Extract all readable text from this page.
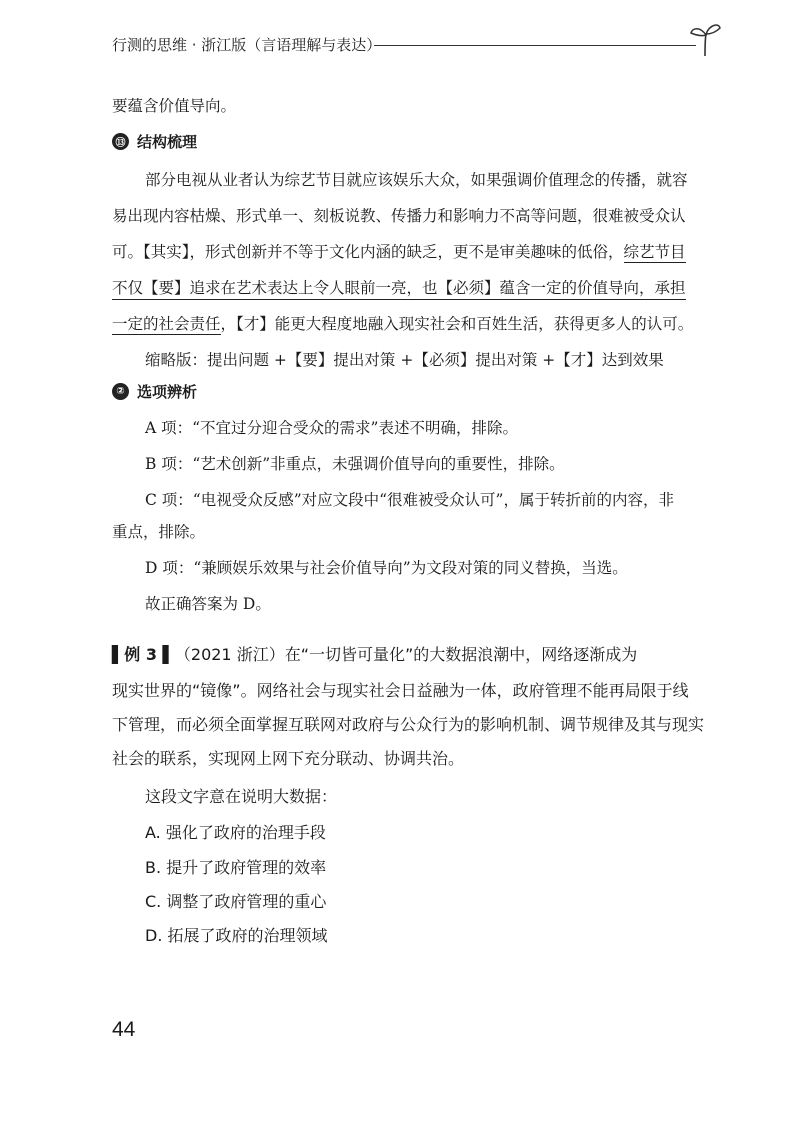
行测的思维 · 浙江版（言语理解与表达）
要蕴含价值导向。
⑬ 结构梳理
部分电视从业者认为综艺节目就应该娱乐大众，如果强调价值理念的传播，就容
易出现内容枯燥、形式单一、刻板说教、传播力和影响力不高等问题，很难被受众认
可。【其实】，形式创新并不等于文化内涵的缺乏，更不是审美趣味的低俗，综艺节目
不仅【要】追求在艺术表达上令人眼前一亮，也【必须】蕴含一定的价值导向，承担
一定的社会责任，【才】能更大程度地融入现实社会和百姓生活，获得更多人的认可。
缩略版：提出问题 +【要】提出对策 +【必须】提出对策 +【才】达到效果
② 选项辨析
A 项：“不宜过分迎合受众的需求”表述不明确，排除。
B 项：“艺术创新”非重点，未强调价值导向的重要性，排除。
C 项：“电视受众反感”对应文段中“很难被受众认可”，属于转折前的内容，非
重点，排除。
D 项：“兼顾娱乐效果与社会价值导向”为文段对策的同义替换，当选。
故正确答案为 D。
▌例 3 ▌（2021 浙江）在“一切皆可量化”的大数据浪潮中，网络逐渐成为
现实世界的“镜像”。网络社会与现实社会日益融为一体，政府管理不能再局限于线
下管理，而必须全面掌握互联网对政府与公众行为的影响机制、调节规律及其与现实
社会的联系，实现网上网下充分联动、协调共治。
这段文字意在说明大数据：
A. 强化了政府的治理手段
B. 提升了政府管理的效率
C. 调整了政府管理的重心
D. 拓展了政府的治理领域
44
